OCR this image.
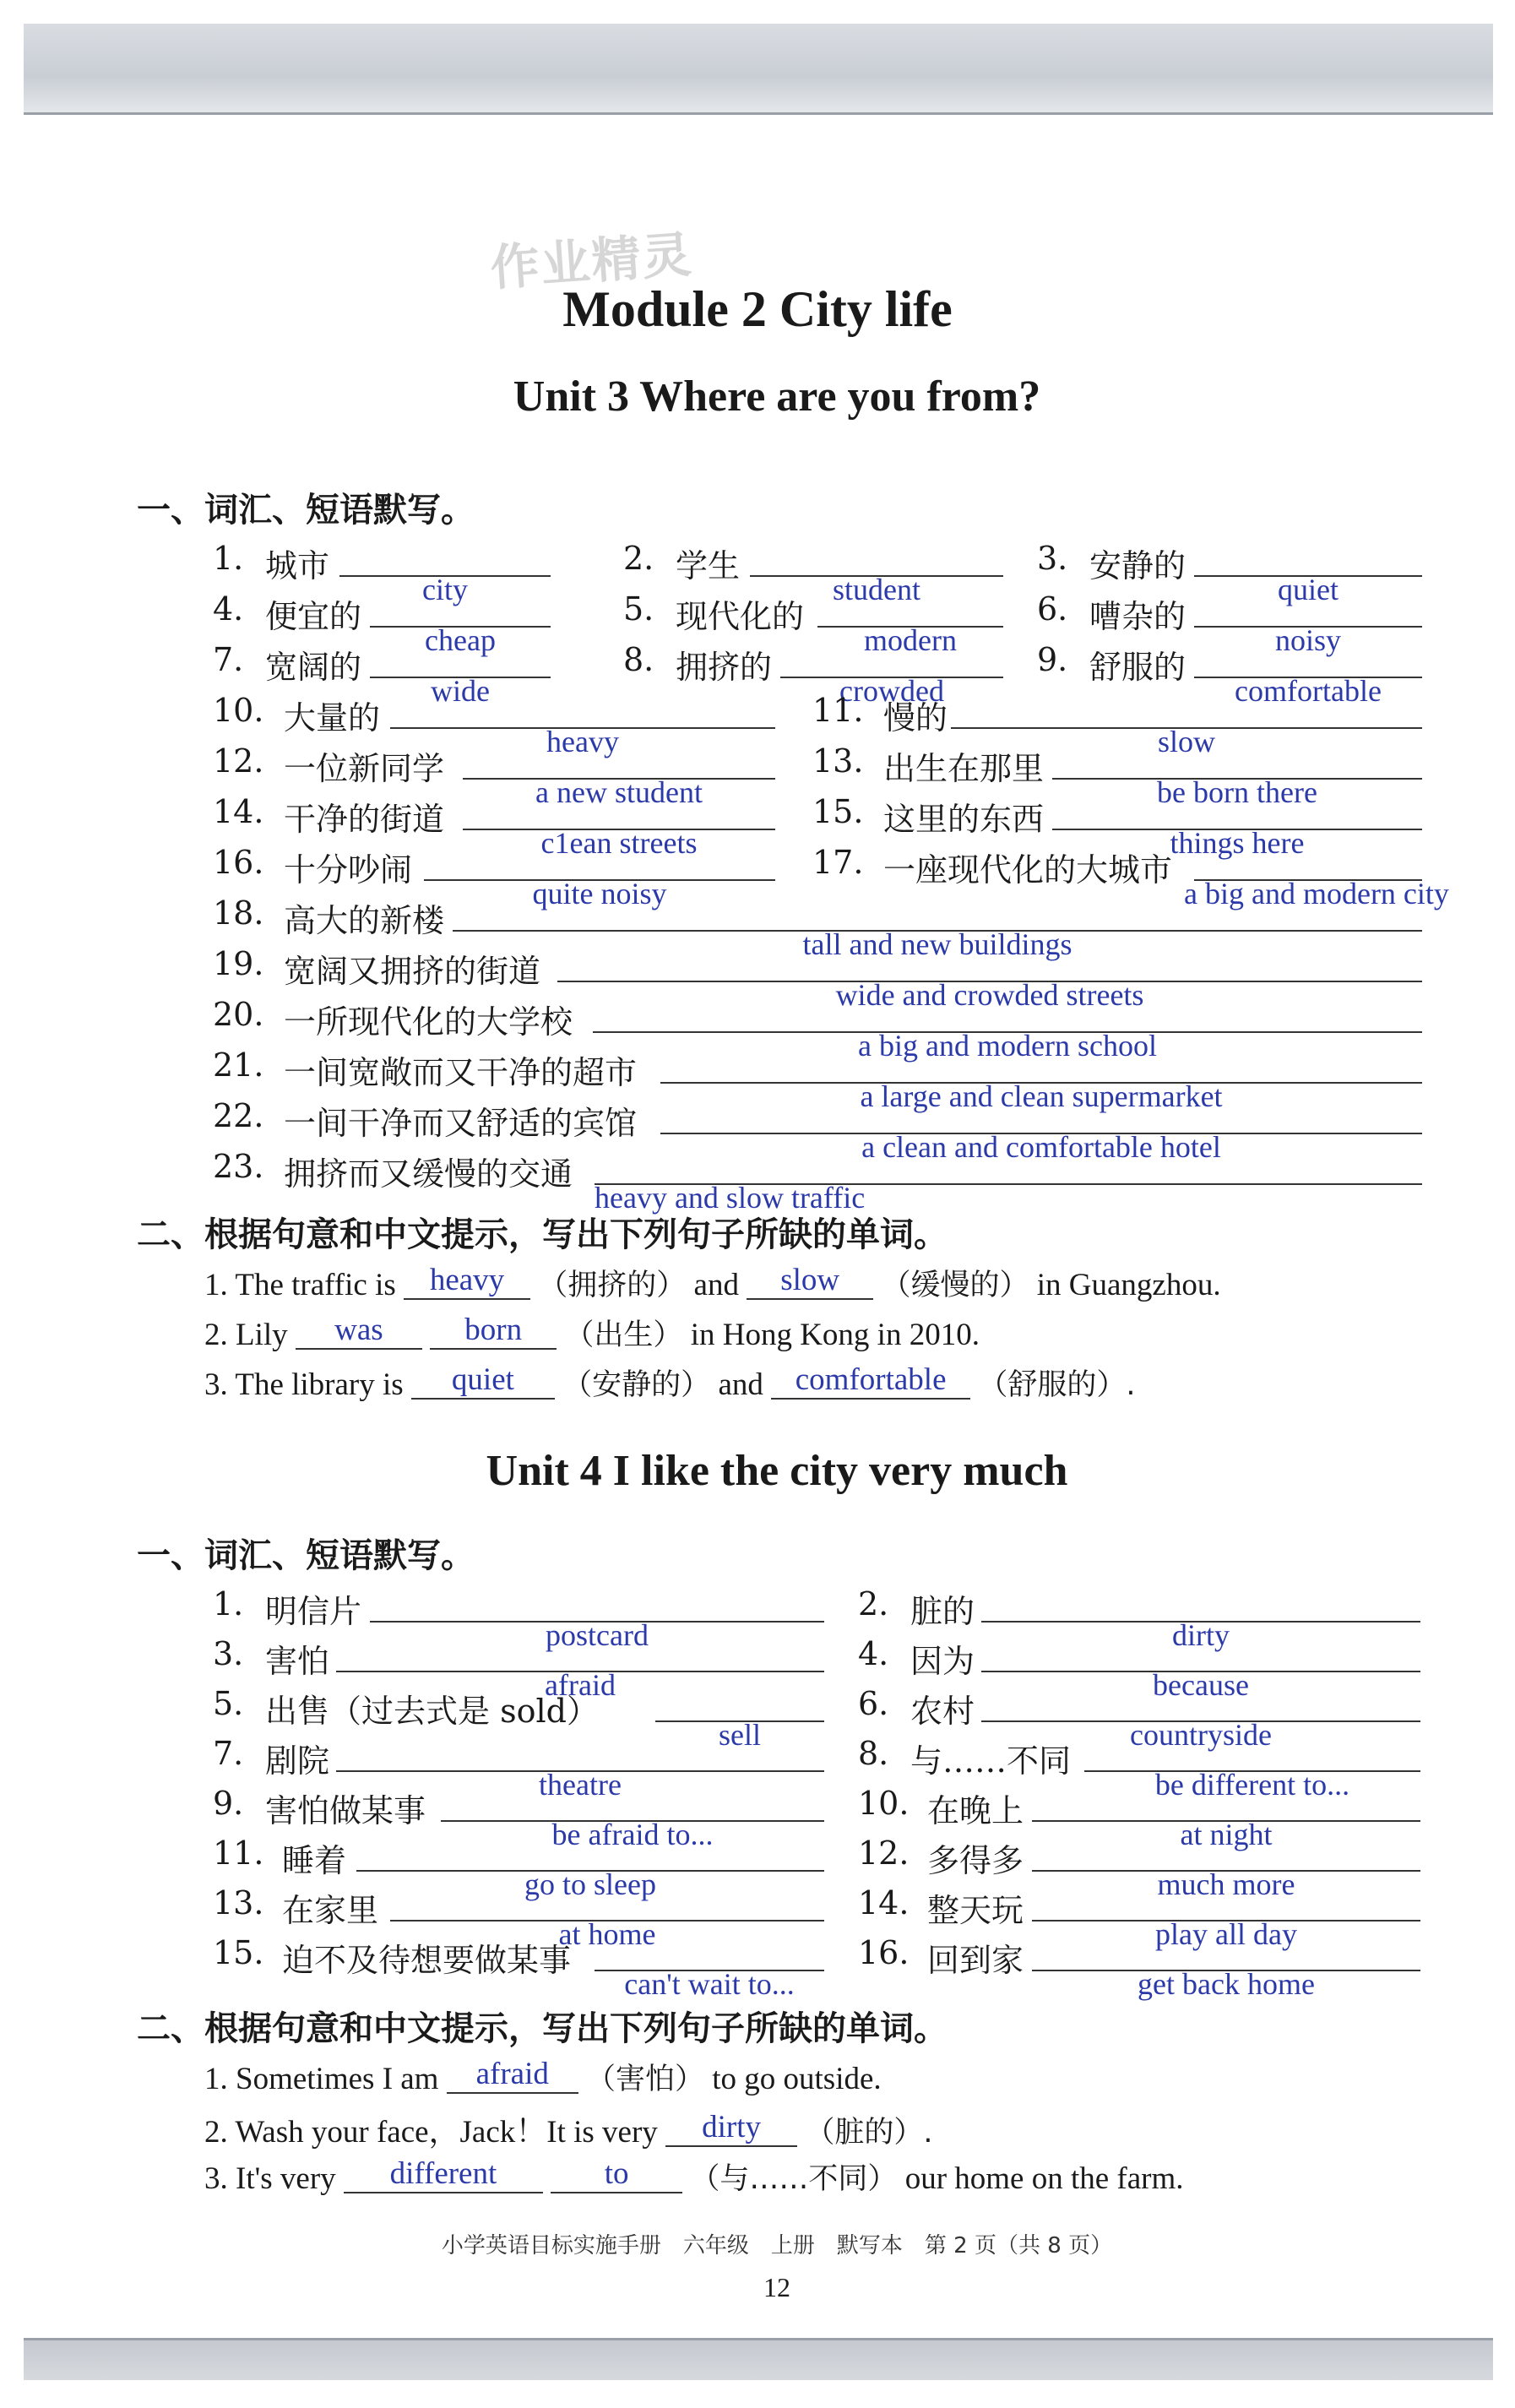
作业精灵
Module 2 City life
Unit 3 Where are you from?
一、词汇、短语默写。
1. 城市
city
2. 学生
student
3. 安静的
quiet
4. 便宜的
cheap
5. 现代化的
modern
6. 嘈杂的
noisy
7. 宽阔的
wide
8. 拥挤的
crowded
9. 舒服的
comfortable
10. 大量的
heavy
11. 慢的
slow
12. 一位新同学
a new student
13. 出生在那里
be born there
14. 干净的街道
c1ean streets
15. 这里的东西
things here
16. 十分吵闹
quite noisy
17. 一座现代化的大城市
a big and modern city
18. 高大的新楼
tall and new buildings
19. 宽阔又拥挤的街道
wide and crowded streets
20. 一所现代化的大学校
a big and modern school
21. 一间宽敞而又干净的超市
a large and clean supermarket
22. 一间干净而又舒适的宾馆
a clean and comfortable hotel
23. 拥挤而又缓慢的交通
heavy and slow traffic
二、根据句意和中文提示，写出下列句子所缺的单词。
1. The traffic is heavy （拥挤的） and slow （缓慢的） in Guangzhou.
2. Lily was	born （出生） in Hong Kong in 2010.
3. The library is quiet （安静的） and comfortable （舒服的）.
Unit 4 I like the city very much
一、词汇、短语默写。
1. 明信片
postcard
2. 脏的
dirty
3. 害怕
afraid
4. 因为
because
5. 出售（过去式是 sold）
sell
6. 农村
countryside
7. 剧院
theatre
8. 与……不同
be different to...
9. 害怕做某事
be afraid to...
10. 在晚上
at night
11. 睡着
go to sleep
12. 多得多
much more
13. 在家里
at home
14. 整天玩
play all day
15. 迫不及待想要做某事
can't wait to...
16. 回到家
get back home
二、根据句意和中文提示，写出下列句子所缺的单词。
1. Sometimes I am afraid （害怕） to go outside.
2. Wash your face，Jack！It is very dirty （脏的）.
3. It's very different	to （与……不同） our home on the farm.
小学英语目标实施手册　六年级　上册　默写本　第 2 页（共 8 页）
12
